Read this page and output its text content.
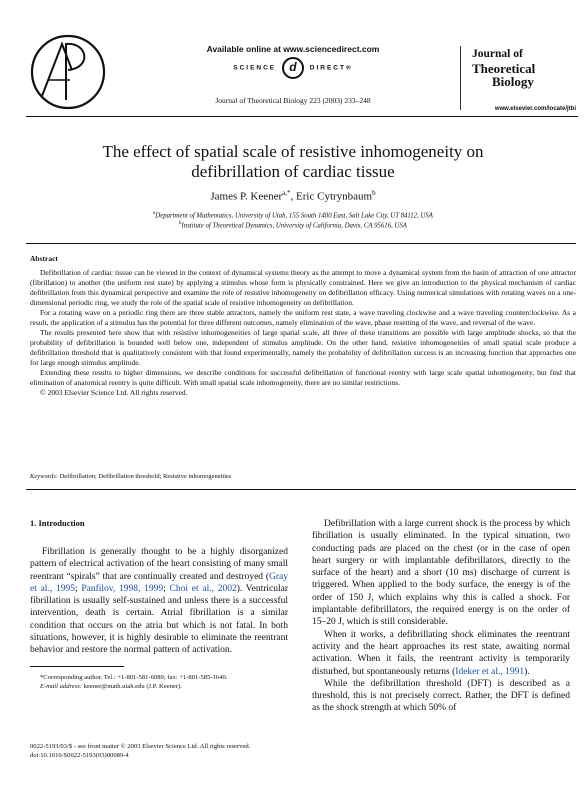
Available online at www.sciencedirect.com
SCIENCE d DIRECT®
Journal of Theoretical Biology 223 (2003) 233–248
Journal of
Theoretical
Biology
www.elsevier.com/locate/jtbi
The effect of spatial scale of resistive inhomogeneity on
defibrillation of cardiac tissue
James P. Keener$^{a,*}$, Eric Cytrynbaum$^b$
$^a$Department of Mathematics, University of Utah, 155 South 1400 East, Salt Lake City, UT 84112, USA
$^b$Institute of Theoretical Dynamics, University of California, Davis, CA 95616, USA
Abstract

Defibrillation of cardiac tissue can be viewed in the context of dynamical systems theory as the attempt to move a dynamical system from the basin of attraction of one attractor (fibrillation) to another (the uniform rest state) by applying a stimulus whose form is physically constrained. Here we give an introduction to the physical mechanism of cardiac defibrillation from this dynamical perspective and examine the role of resistive inhomogeneity on defibrillation efficacy. Using numerical simulations with rotating waves on a one-dimensional periodic ring, we study the role of the spatial scale of resistive inhomogeneity on defibrillation.

For a rotating wave on a periodic ring there are three stable attractors, namely the uniform rest state, a wave traveling clockwise and a wave traveling counterclockwise. As a result, the application of a stimulus has the potential for three different outcomes, namely elimination of the wave, phase resetting of the wave, and reversal of the wave.

The results presented here show that with resistive inhomogeneities of large spatial scale, all three of these transitions are possible with large amplitude shocks, so that the probability of defibrillation is bounded well below one, independent of stimulus amplitude. On the other hand, resistive inhomogeneities of small spatial scale produce a defibrillation threshold that is qualitatively consistent with that found experimentally, namely the probability of defibrillation success is an increasing function that approaches one for large enough stimulus amplitude.

Extending these results to higher dimensions, we describe conditions for successful defibrillation of functional reentry with large scale spatial inhomogeneity, but find that elimination of anatomical reentry is quite difficult. With small spatial scale inhomogeneity, there are no similar restrictions.

© 2003 Elsevier Science Ltd. All rights reserved.

Keywords: Defibrillation; Defibrillation threshold; Resistive inhomogeneities
1. Introduction

Fibrillation is generally thought to be a highly disorganized pattern of electrical activation of the heart consisting of many small reentrant “spirals” that are continually created and destroyed (Gray et al., 1995; Panfilov, 1998, 1999; Choi et al., 2002). Ventricular fibrillation is usually self-sustained and unless there is a successful intervention, death is certain. Atrial fibrillation is a similar condition that occurs on the atria but which is not fatal. In both situations, however, it is highly desirable to eliminate the reentrant behavior and restore the normal pattern of activation.

Defibrillation with a large current shock is the process by which fibrillation is usually eliminated. In the typical situation, two conducting pads are placed on the chest (or in the case of open heart surgery or with implantable defibrillators, directly to the surface of the heart) and a short (10 ms) discharge of current is triggered. When applied to the body surface, the energy is of the order of 150 J, which explains why this is called a shock. For implantable defibrillators, the required energy is on the order of 15–20 J, which is still considerable.

When it works, a defibrillating shock eliminates the reentrant activity and the heart approaches its rest state, awaiting normal activation. When it fails, the reentrant activity is temporarily disturbed, but spontaneously returns (Ideker et al., 1991).

While the defibrillation threshold (DFT) is described as a threshold, this is not precisely correct. Rather, the DFT is defined as the shock strength at which 50% of

*Corresponding author. Tel.: +1-801-581-6089; fax: +1-801-585-1640.

E-mail address: keener@math.utah.edu (J.P. Keener).

0022-5193/03/$ - see front matter © 2003 Elsevier Science Ltd. All rights reserved.
doi:10.1016/S0022-5193(03)00089-4
